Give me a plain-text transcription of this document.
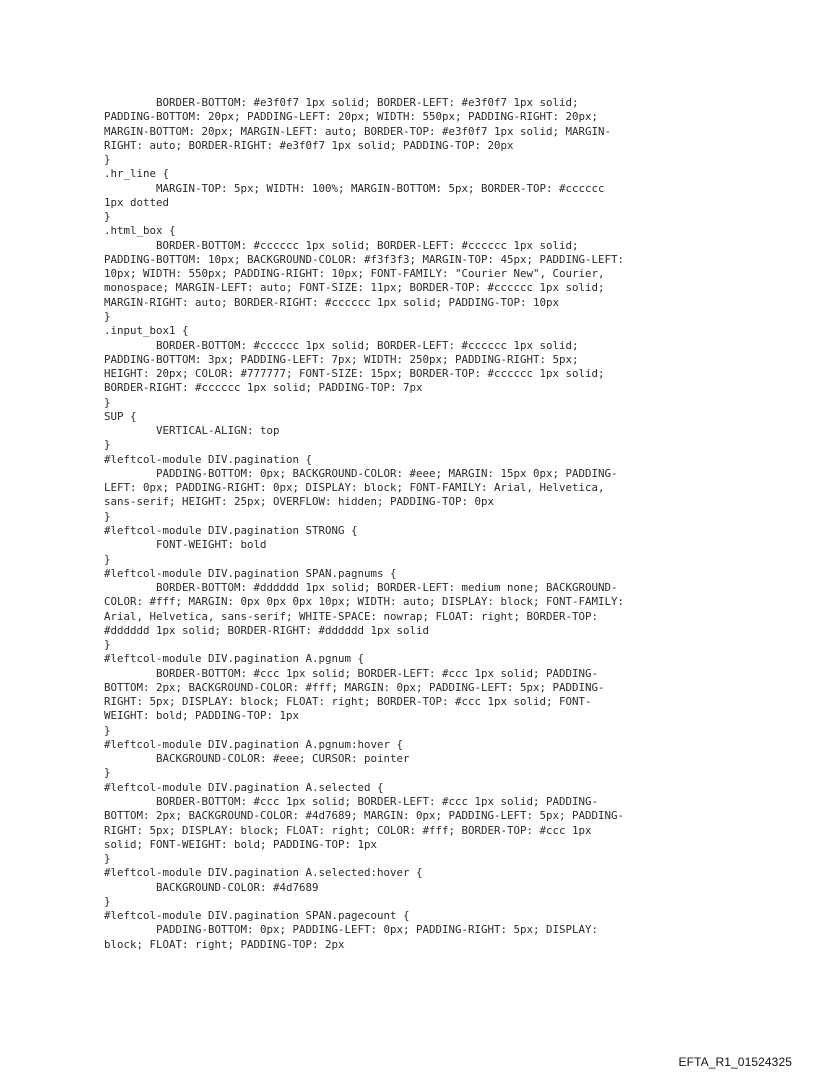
BORDER-BOTTOM: #e3f0f7 1px solid; BORDER-LEFT: #e3f0f7 1px solid;
PADDING-BOTTOM: 20px; PADDING-LEFT: 20px; WIDTH: 550px; PADDING-RIGHT: 20px;
MARGIN-BOTTOM: 20px; MARGIN-LEFT: auto; BORDER-TOP: #e3f0f7 1px solid; MARGIN-
RIGHT: auto; BORDER-RIGHT: #e3f0f7 1px solid; PADDING-TOP: 20px
}
.hr_line {
MARGIN-TOP: 5px; WIDTH: 100%; MARGIN-BOTTOM: 5px; BORDER-TOP: #cccccc
1px dotted
}
.html_box {
BORDER-BOTTOM: #cccccc 1px solid; BORDER-LEFT: #cccccc 1px solid;
PADDING-BOTTOM: 10px; BACKGROUND-COLOR: #f3f3f3; MARGIN-TOP: 45px; PADDING-LEFT:
10px; WIDTH: 550px; PADDING-RIGHT: 10px; FONT-FAMILY: "Courier New", Courier,
monospace; MARGIN-LEFT: auto; FONT-SIZE: 11px; BORDER-TOP: #cccccc 1px solid;
MARGIN-RIGHT: auto; BORDER-RIGHT: #cccccc 1px solid; PADDING-TOP: 10px
}
.input_box1 {
BORDER-BOTTOM: #cccccc 1px solid; BORDER-LEFT: #cccccc 1px solid;
PADDING-BOTTOM: 3px; PADDING-LEFT: 7px; WIDTH: 250px; PADDING-RIGHT: 5px;
HEIGHT: 20px; COLOR: #777777; FONT-SIZE: 15px; BORDER-TOP: #cccccc 1px solid;
BORDER-RIGHT: #cccccc 1px solid; PADDING-TOP: 7px
}
SUP {
VERTICAL-ALIGN: top
}
#leftcol-module DIV.pagination {
PADDING-BOTTOM: 0px; BACKGROUND-COLOR: #eee; MARGIN: 15px 0px; PADDING-
LEFT: 0px; PADDING-RIGHT: 0px; DISPLAY: block; FONT-FAMILY: Arial, Helvetica,
sans-serif; HEIGHT: 25px; OVERFLOW: hidden; PADDING-TOP: 0px
}
#leftcol-module DIV.pagination STRONG {
FONT-WEIGHT: bold
}
#leftcol-module DIV.pagination SPAN.pagnums {
BORDER-BOTTOM: #dddddd 1px solid; BORDER-LEFT: medium none; BACKGROUND-
COLOR: #fff; MARGIN: 0px 0px 0px 10px; WIDTH: auto; DISPLAY: block; FONT-FAMILY:
Arial, Helvetica, sans-serif; WHITE-SPACE: nowrap; FLOAT: right; BORDER-TOP:
#dddddd 1px solid; BORDER-RIGHT: #dddddd 1px solid
}
#leftcol-module DIV.pagination A.pgnum {
BORDER-BOTTOM: #ccc 1px solid; BORDER-LEFT: #ccc 1px solid; PADDING-
BOTTOM: 2px; BACKGROUND-COLOR: #fff; MARGIN: 0px; PADDING-LEFT: 5px; PADDING-
RIGHT: 5px; DISPLAY: block; FLOAT: right; BORDER-TOP: #ccc 1px solid; FONT-
WEIGHT: bold; PADDING-TOP: 1px
}
#leftcol-module DIV.pagination A.pgnum:hover {
BACKGROUND-COLOR: #eee; CURSOR: pointer
}
#leftcol-module DIV.pagination A.selected {
BORDER-BOTTOM: #ccc 1px solid; BORDER-LEFT: #ccc 1px solid; PADDING-
BOTTOM: 2px; BACKGROUND-COLOR: #4d7689; MARGIN: 0px; PADDING-LEFT: 5px; PADDING-
RIGHT: 5px; DISPLAY: block; FLOAT: right; COLOR: #fff; BORDER-TOP: #ccc 1px
solid; FONT-WEIGHT: bold; PADDING-TOP: 1px
}
#leftcol-module DIV.pagination A.selected:hover {
BACKGROUND-COLOR: #4d7689
}
#leftcol-module DIV.pagination SPAN.pagecount {
PADDING-BOTTOM: 0px; PADDING-LEFT: 0px; PADDING-RIGHT: 5px; DISPLAY:
block; FLOAT: right; PADDING-TOP: 2px
EFTA_R1_01524325
